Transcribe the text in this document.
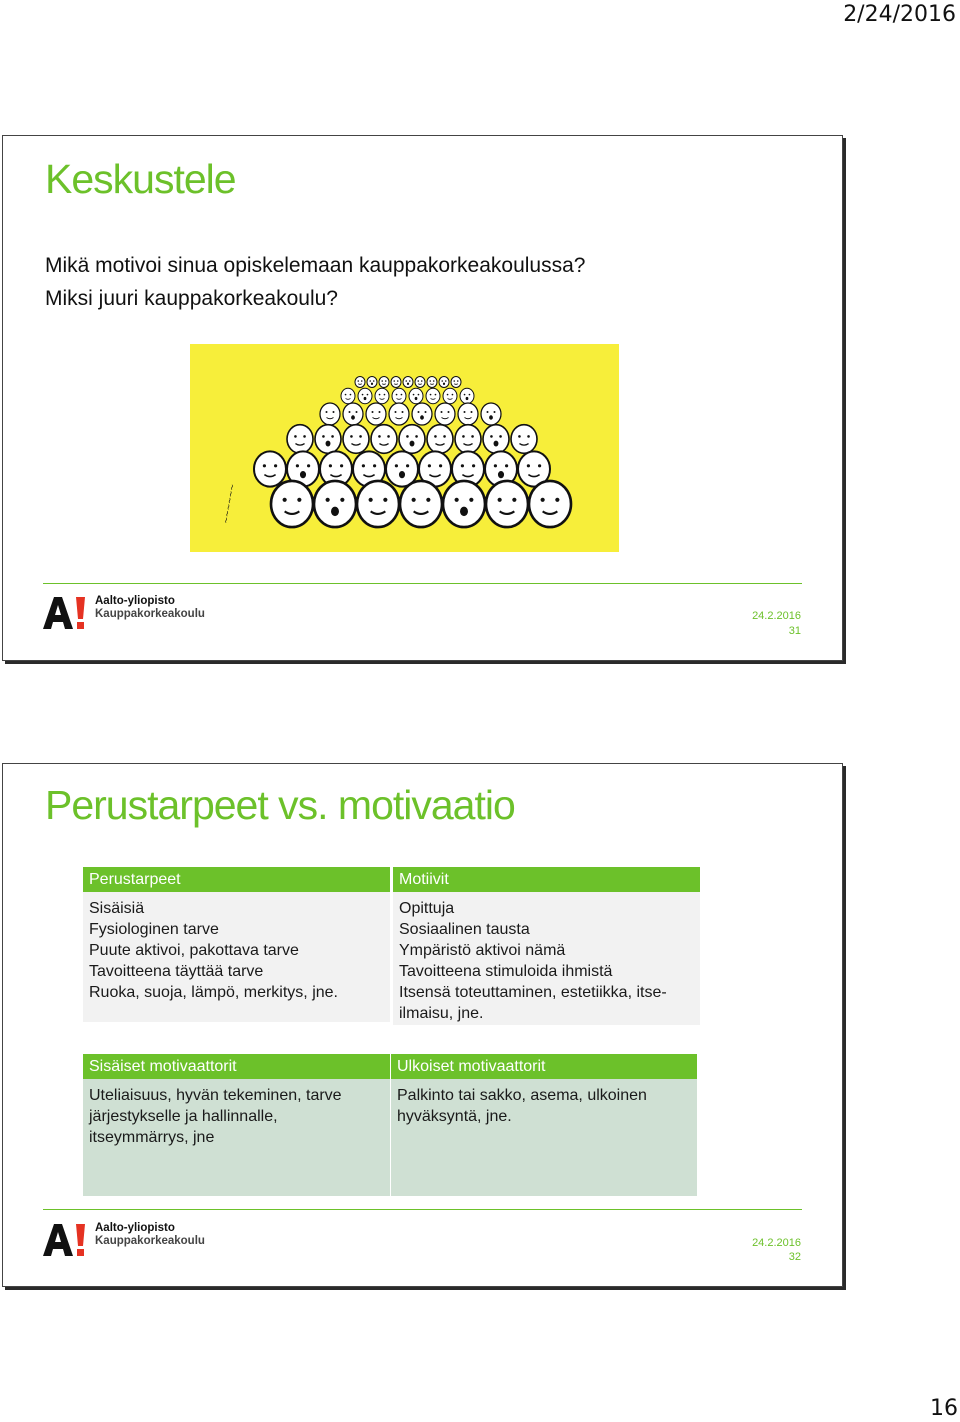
2/24/2016
Keskustele
Mikä motivoi sinua opiskelemaan kauppakorkeakoulussa?
Miksi juuri kauppakorkeakoulu?
~~~~~~
Aalto-yliopisto
Kauppakorkeakoulu	24.2.2016
31
Perustarpeet vs. motivaatio
Perustarpeet
Sisäisiä
Fysiologinen tarve
Puute aktivoi, pakottava tarve
Tavoitteena täyttää tarve
Ruoka, suoja, lämpö, merkitys, jne.
Motiivit
Opittuja
Sosiaalinen tausta
Ympäristö aktivoi nämä
Tavoitteena stimuloida ihmistä
Itsensä toteuttaminen, estetiikka, itse-
ilmaisu, jne.
Sisäiset motivaattorit
Uteliaisuus, hyvän tekeminen, tarve
järjestykselle ja hallinnalle,
itseymmärrys, jne
Ulkoiset motivaattorit
Palkinto tai sakko, asema, ulkoinen
hyväksyntä, jne.
Aalto-yliopisto
Kauppakorkeakoulu	24.2.2016
32
16
